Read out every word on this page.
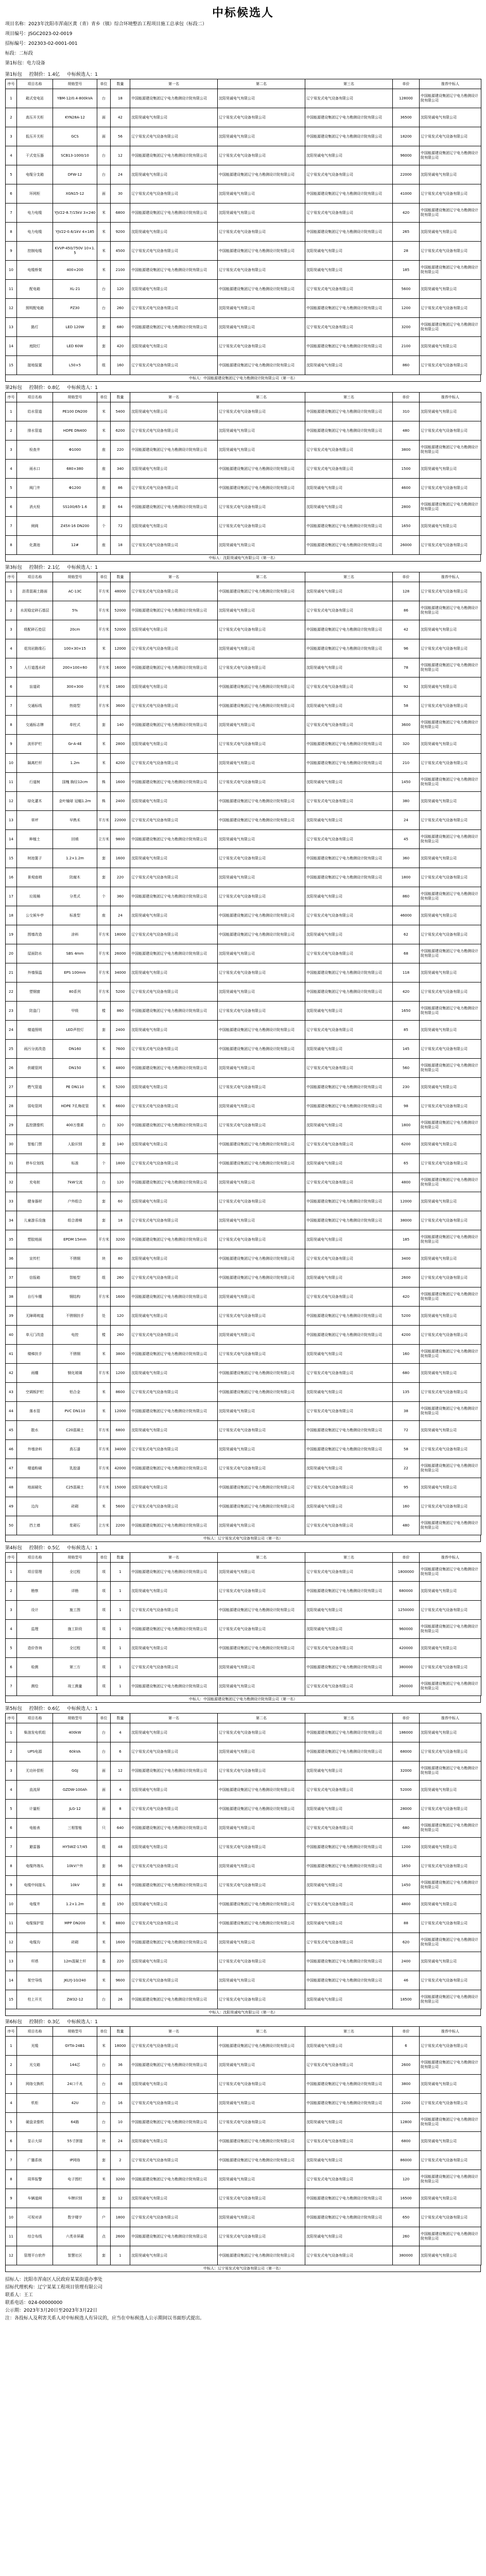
中标候选人
项目名称：2023年沈阳市浑南区黄（青）青乡（镇）综合环境整治工程项目施工总承包（标段二）
项目编号：JSGC2023-02-0019
招标编号：202303-02-0001-001
标段：二标段
第1标包：电力设备
第1标包 控制价：1.4亿 中标候选人：1
序号	项目名称	规格型号	单位	数量	第一名	第二名	第三名	单价	推荐中标人
1	箱式变电站	YBM-12/0.4-800kVA	台	18	中国能源建设集团辽宁电力勘测设计院有限公司	沈阳昊诚电气有限公司	辽宁易发式电气设备有限公司	128000	中国能源建设集团辽宁电力勘测设计院有限公司
2	高压开关柜	KYN28A-12	面	42	沈阳昊诚电气有限公司	辽宁易发式电气设备有限公司	中国能源建设集团辽宁电力勘测设计院有限公司	36500	沈阳昊诚电气有限公司
3	低压开关柜	GCS	面	56	辽宁易发式电气设备有限公司	沈阳昊诚电气有限公司	中国能源建设集团辽宁电力勘测设计院有限公司	18200	辽宁易发式电气设备有限公司
4	干式变压器	SCB13-1000/10	台	12	中国能源建设集团辽宁电力勘测设计院有限公司	辽宁易发式电气设备有限公司	沈阳昊诚电气有限公司	96000	中国能源建设集团辽宁电力勘测设计院有限公司
5	电缆分支箱	DFW-12	台	24	沈阳昊诚电气有限公司	中国能源建设集团辽宁电力勘测设计院有限公司	辽宁易发式电气设备有限公司	22000	沈阳昊诚电气有限公司
6	环网柜	XGN15-12	面	30	辽宁易发式电气设备有限公司	沈阳昊诚电气有限公司	中国能源建设集团辽宁电力勘测设计院有限公司	41000	辽宁易发式电气设备有限公司
7	电力电缆	YJV22-8.7/15kV 3×240	米	6800	中国能源建设集团辽宁电力勘测设计院有限公司	沈阳昊诚电气有限公司	辽宁易发式电气设备有限公司	420	中国能源建设集团辽宁电力勘测设计院有限公司
8	电力电缆	YJV22-0.6/1kV 4×185	米	9200	沈阳昊诚电气有限公司	辽宁易发式电气设备有限公司	中国能源建设集团辽宁电力勘测设计院有限公司	265	沈阳昊诚电气有限公司
9	控制电缆	KVVP-450/750V 10×1.5	米	4500	辽宁易发式电气设备有限公司	中国能源建设集团辽宁电力勘测设计院有限公司	沈阳昊诚电气有限公司	28	辽宁易发式电气设备有限公司
10	电缆桥架	400×200	米	2100	中国能源建设集团辽宁电力勘测设计院有限公司	辽宁易发式电气设备有限公司	沈阳昊诚电气有限公司	185	中国能源建设集团辽宁电力勘测设计院有限公司
11	配电箱	XL-21	台	120	沈阳昊诚电气有限公司	中国能源建设集团辽宁电力勘测设计院有限公司	辽宁易发式电气设备有限公司	5600	沈阳昊诚电气有限公司
12	照明配电箱	PZ30	台	260	辽宁易发式电气设备有限公司	沈阳昊诚电气有限公司	中国能源建设集团辽宁电力勘测设计院有限公司	1200	辽宁易发式电气设备有限公司
13	路灯	LED 120W	套	680	中国能源建设集团辽宁电力勘测设计院有限公司	沈阳昊诚电气有限公司	辽宁易发式电气设备有限公司	3200	中国能源建设集团辽宁电力勘测设计院有限公司
14	庭院灯	LED 60W	套	420	沈阳昊诚电气有限公司	辽宁易发式电气设备有限公司	中国能源建设集团辽宁电力勘测设计院有限公司	2100	沈阳昊诚电气有限公司
15	接地装置	L50×5	组	160	辽宁易发式电气设备有限公司	中国能源建设集团辽宁电力勘测设计院有限公司	沈阳昊诚电气有限公司	860	辽宁易发式电气设备有限公司
中标人：中国能源建设集团辽宁电力勘测设计院有限公司（第一名）
第2标包 控制价：0.8亿 中标候选人：1
序号	项目名称	规格型号	单位	数量	第一名	第二名	第三名	单价	推荐中标人
1	给水管道	PE100 DN200	米	5400	沈阳昊诚电气有限公司	辽宁易发式电气设备有限公司	中国能源建设集团辽宁电力勘测设计院有限公司	310	沈阳昊诚电气有限公司
2	排水管道	HDPE DN400	米	6200	辽宁易发式电气设备有限公司	沈阳昊诚电气有限公司	中国能源建设集团辽宁电力勘测设计院有限公司	480	辽宁易发式电气设备有限公司
3	检查井	Φ1000	座	220	中国能源建设集团辽宁电力勘测设计院有限公司	沈阳昊诚电气有限公司	辽宁易发式电气设备有限公司	3800	中国能源建设集团辽宁电力勘测设计院有限公司
4	雨水口	680×380	座	340	沈阳昊诚电气有限公司	中国能源建设集团辽宁电力勘测设计院有限公司	辽宁易发式电气设备有限公司	1500	沈阳昊诚电气有限公司
5	阀门井	Φ1200	座	86	辽宁易发式电气设备有限公司	中国能源建设集团辽宁电力勘测设计院有限公司	沈阳昊诚电气有限公司	4600	辽宁易发式电气设备有限公司
6	消火栓	SS100/65-1.6	套	64	中国能源建设集团辽宁电力勘测设计院有限公司	辽宁易发式电气设备有限公司	沈阳昊诚电气有限公司	2800	中国能源建设集团辽宁电力勘测设计院有限公司
7	闸阀	Z45X-16 DN200	个	72	沈阳昊诚电气有限公司	辽宁易发式电气设备有限公司	中国能源建设集团辽宁电力勘测设计院有限公司	1650	沈阳昊诚电气有限公司
8	化粪池	12#	座	18	辽宁易发式电气设备有限公司	沈阳昊诚电气有限公司	中国能源建设集团辽宁电力勘测设计院有限公司	26000	辽宁易发式电气设备有限公司
中标人：沈阳昊诚电气有限公司（第一名）
第3标包 控制价：2.1亿 中标候选人：1
序号	项目名称	规格型号	单位	数量	第一名	第二名	第三名	单价	推荐中标人
1	沥青混凝土路面	AC-13C	平方米	48000	辽宁易发式电气设备有限公司	中国能源建设集团辽宁电力勘测设计院有限公司	沈阳昊诚电气有限公司	128	辽宁易发式电气设备有限公司
2	水泥稳定碎石基层	5%	平方米	52000	中国能源建设集团辽宁电力勘测设计院有限公司	沈阳昊诚电气有限公司	辽宁易发式电气设备有限公司	86	中国能源建设集团辽宁电力勘测设计院有限公司
3	级配碎石垫层	20cm	平方米	52000	沈阳昊诚电气有限公司	辽宁易发式电气设备有限公司	中国能源建设集团辽宁电力勘测设计院有限公司	42	沈阳昊诚电气有限公司
4	花岗岩路缘石	100×30×15	米	12000	辽宁易发式电气设备有限公司	沈阳昊诚电气有限公司	中国能源建设集团辽宁电力勘测设计院有限公司	96	辽宁易发式电气设备有限公司
5	人行道透水砖	200×100×60	平方米	16000	中国能源建设集团辽宁电力勘测设计院有限公司	辽宁易发式电气设备有限公司	沈阳昊诚电气有限公司	78	中国能源建设集团辽宁电力勘测设计院有限公司
6	盲道砖	300×300	平方米	1800	沈阳昊诚电气有限公司	中国能源建设集团辽宁电力勘测设计院有限公司	辽宁易发式电气设备有限公司	92	沈阳昊诚电气有限公司
7	交通标线	热熔型	平方米	3600	辽宁易发式电气设备有限公司	中国能源建设集团辽宁电力勘测设计院有限公司	沈阳昊诚电气有限公司	58	辽宁易发式电气设备有限公司
8	交通标志牌	单柱式	套	140	中国能源建设集团辽宁电力勘测设计院有限公司	沈阳昊诚电气有限公司	辽宁易发式电气设备有限公司	3600	中国能源建设集团辽宁电力勘测设计院有限公司
9	波形护栏	Gr-A-4E	米	2800	沈阳昊诚电气有限公司	辽宁易发式电气设备有限公司	中国能源建设集团辽宁电力勘测设计院有限公司	320	沈阳昊诚电气有限公司
10	隔离栏杆	1.2m	米	4200	辽宁易发式电气设备有限公司	沈阳昊诚电气有限公司	中国能源建设集团辽宁电力勘测设计院有限公司	210	辽宁易发式电气设备有限公司
11	行道树	国槐 胸径12cm	株	1600	中国能源建设集团辽宁电力勘测设计院有限公司	辽宁易发式电气设备有限公司	沈阳昊诚电气有限公司	1450	中国能源建设集团辽宁电力勘测设计院有限公司
12	绿化灌木	金叶榆球 冠幅1.2m	株	2400	沈阳昊诚电气有限公司	中国能源建设集团辽宁电力勘测设计院有限公司	辽宁易发式电气设备有限公司	380	沈阳昊诚电气有限公司
13	草坪	早熟禾	平方米	22000	辽宁易发式电气设备有限公司	中国能源建设集团辽宁电力勘测设计院有限公司	沈阳昊诚电气有限公司	24	辽宁易发式电气设备有限公司
14	种植土	回填	立方米	9800	中国能源建设集团辽宁电力勘测设计院有限公司	沈阳昊诚电气有限公司	辽宁易发式电气设备有限公司	45	中国能源建设集团辽宁电力勘测设计院有限公司
15	树池篦子	1.2×1.2m	套	1600	沈阳昊诚电气有限公司	辽宁易发式电气设备有限公司	中国能源建设集团辽宁电力勘测设计院有限公司	360	沈阳昊诚电气有限公司
16	景观座椅	防腐木	套	220	辽宁易发式电气设备有限公司	沈阳昊诚电气有限公司	中国能源建设集团辽宁电力勘测设计院有限公司	1800	辽宁易发式电气设备有限公司
17	垃圾桶	分类式	个	360	中国能源建设集团辽宁电力勘测设计院有限公司	辽宁易发式电气设备有限公司	沈阳昊诚电气有限公司	860	中国能源建设集团辽宁电力勘测设计院有限公司
18	公交候车亭	标准型	座	24	沈阳昊诚电气有限公司	中国能源建设集团辽宁电力勘测设计院有限公司	辽宁易发式电气设备有限公司	46000	沈阳昊诚电气有限公司
19	围墙改造	涂料	平方米	18000	辽宁易发式电气设备有限公司	中国能源建设集团辽宁电力勘测设计院有限公司	沈阳昊诚电气有限公司	62	辽宁易发式电气设备有限公司
20	屋面防水	SBS 4mm	平方米	26000	中国能源建设集团辽宁电力勘测设计院有限公司	沈阳昊诚电气有限公司	辽宁易发式电气设备有限公司	68	中国能源建设集团辽宁电力勘测设计院有限公司
21	外墙保温	EPS 100mm	平方米	34000	沈阳昊诚电气有限公司	辽宁易发式电气设备有限公司	中国能源建设集团辽宁电力勘测设计院有限公司	118	沈阳昊诚电气有限公司
22	塑钢窗	80系列	平方米	5200	辽宁易发式电气设备有限公司	沈阳昊诚电气有限公司	中国能源建设集团辽宁电力勘测设计院有限公司	420	辽宁易发式电气设备有限公司
23	防盗门	甲级	樘	860	中国能源建设集团辽宁电力勘测设计院有限公司	辽宁易发式电气设备有限公司	沈阳昊诚电气有限公司	1650	中国能源建设集团辽宁电力勘测设计院有限公司
24	楼道照明	LED声控灯	套	2400	沈阳昊诚电气有限公司	中国能源建设集团辽宁电力勘测设计院有限公司	辽宁易发式电气设备有限公司	85	沈阳昊诚电气有限公司
25	雨污分流改造	DN160	米	7600	辽宁易发式电气设备有限公司	中国能源建设集团辽宁电力勘测设计院有限公司	沈阳昊诚电气有限公司	145	辽宁易发式电气设备有限公司
26	供暖管网	DN150	米	4800	中国能源建设集团辽宁电力勘测设计院有限公司	沈阳昊诚电气有限公司	辽宁易发式电气设备有限公司	560	中国能源建设集团辽宁电力勘测设计院有限公司
27	燃气管道	PE DN110	米	5200	沈阳昊诚电气有限公司	辽宁易发式电气设备有限公司	中国能源建设集团辽宁电力勘测设计院有限公司	230	沈阳昊诚电气有限公司
28	弱电管网	HDPE 7孔梅花管	米	6600	辽宁易发式电气设备有限公司	沈阳昊诚电气有限公司	中国能源建设集团辽宁电力勘测设计院有限公司	98	辽宁易发式电气设备有限公司
29	监控摄像机	400万像素	台	320	中国能源建设集团辽宁电力勘测设计院有限公司	辽宁易发式电气设备有限公司	沈阳昊诚电气有限公司	1800	中国能源建设集团辽宁电力勘测设计院有限公司
30	智能门禁	人脸识别	套	140	沈阳昊诚电气有限公司	中国能源建设集团辽宁电力勘测设计院有限公司	辽宁易发式电气设备有限公司	6200	沈阳昊诚电气有限公司
31	停车位划线	标准	个	1800	辽宁易发式电气设备有限公司	中国能源建设集团辽宁电力勘测设计院有限公司	沈阳昊诚电气有限公司	65	辽宁易发式电气设备有限公司
32	充电桩	7kW交流	台	120	中国能源建设集团辽宁电力勘测设计院有限公司	沈阳昊诚电气有限公司	辽宁易发式电气设备有限公司	4800	中国能源建设集团辽宁电力勘测设计院有限公司
33	健身器材	户外组合	套	60	沈阳昊诚电气有限公司	辽宁易发式电气设备有限公司	中国能源建设集团辽宁电力勘测设计院有限公司	12000	沈阳昊诚电气有限公司
34	儿童游乐设施	组合滑梯	套	18	辽宁易发式电气设备有限公司	沈阳昊诚电气有限公司	中国能源建设集团辽宁电力勘测设计院有限公司	38000	辽宁易发式电气设备有限公司
35	塑胶地面	EPDM 15mm	平方米	3200	中国能源建设集团辽宁电力勘测设计院有限公司	辽宁易发式电气设备有限公司	沈阳昊诚电气有限公司	185	中国能源建设集团辽宁电力勘测设计院有限公司
36	宣传栏	不锈钢	块	80	沈阳昊诚电气有限公司	中国能源建设集团辽宁电力勘测设计院有限公司	辽宁易发式电气设备有限公司	3400	沈阳昊诚电气有限公司
37	信报箱	智能型	组	260	辽宁易发式电气设备有限公司	中国能源建设集团辽宁电力勘测设计院有限公司	沈阳昊诚电气有限公司	2600	辽宁易发式电气设备有限公司
38	自行车棚	钢结构	平方米	1600	中国能源建设集团辽宁电力勘测设计院有限公司	沈阳昊诚电气有限公司	辽宁易发式电气设备有限公司	420	中国能源建设集团辽宁电力勘测设计院有限公司
39	无障碍坡道	不锈钢扶手	处	120	沈阳昊诚电气有限公司	辽宁易发式电气设备有限公司	中国能源建设集团辽宁电力勘测设计院有限公司	5200	沈阳昊诚电气有限公司
40	单元门改造	电控	樘	260	辽宁易发式电气设备有限公司	沈阳昊诚电气有限公司	中国能源建设集团辽宁电力勘测设计院有限公司	4200	辽宁易发式电气设备有限公司
41	楼梯扶手	不锈钢	米	3800	中国能源建设集团辽宁电力勘测设计院有限公司	辽宁易发式电气设备有限公司	沈阳昊诚电气有限公司	160	中国能源建设集团辽宁电力勘测设计院有限公司
42	雨棚	钢化玻璃	平方米	1200	沈阳昊诚电气有限公司	中国能源建设集团辽宁电力勘测设计院有限公司	辽宁易发式电气设备有限公司	680	沈阳昊诚电气有限公司
43	空调板护栏	铝合金	米	8600	辽宁易发式电气设备有限公司	中国能源建设集团辽宁电力勘测设计院有限公司	沈阳昊诚电气有限公司	135	辽宁易发式电气设备有限公司
44	落水管	PVC DN110	米	12000	中国能源建设集团辽宁电力勘测设计院有限公司	沈阳昊诚电气有限公司	辽宁易发式电气设备有限公司	38	中国能源建设集团辽宁电力勘测设计院有限公司
45	散水	C20混凝土	平方米	6800	沈阳昊诚电气有限公司	辽宁易发式电气设备有限公司	中国能源建设集团辽宁电力勘测设计院有限公司	72	沈阳昊诚电气有限公司
46	外墙涂料	真石漆	平方米	34000	辽宁易发式电气设备有限公司	沈阳昊诚电气有限公司	中国能源建设集团辽宁电力勘测设计院有限公司	58	辽宁易发式电气设备有限公司
47	楼道粉刷	乳胶漆	平方米	42000	中国能源建设集团辽宁电力勘测设计院有限公司	辽宁易发式电气设备有限公司	沈阳昊诚电气有限公司	22	中国能源建设集团辽宁电力勘测设计院有限公司
48	地面硬化	C25混凝土	平方米	15000	沈阳昊诚电气有限公司	中国能源建设集团辽宁电力勘测设计院有限公司	辽宁易发式电气设备有限公司	95	沈阳昊诚电气有限公司
49	边沟	砖砌	米	5600	辽宁易发式电气设备有限公司	中国能源建设集团辽宁电力勘测设计院有限公司	沈阳昊诚电气有限公司	160	辽宁易发式电气设备有限公司
50	挡土墙	浆砌石	立方米	2200	中国能源建设集团辽宁电力勘测设计院有限公司	沈阳昊诚电气有限公司	辽宁易发式电气设备有限公司	480	中国能源建设集团辽宁电力勘测设计院有限公司
中标人：辽宁易发式电气设备有限公司（第一名）
第4标包 控制价：0.5亿 中标候选人：1
序号	项目名称	规格型号	单位	数量	第一名	第二名	第三名	单价	推荐中标人
1	项目管理	全过程	项	1	中国能源建设集团辽宁电力勘测设计院有限公司	沈阳昊诚电气有限公司	辽宁易发式电气设备有限公司	1800000	中国能源建设集团辽宁电力勘测设计院有限公司
2	勘察	详勘	项	1	沈阳昊诚电气有限公司	辽宁易发式电气设备有限公司	中国能源建设集团辽宁电力勘测设计院有限公司	680000	沈阳昊诚电气有限公司
3	设计	施工图	项	1	辽宁易发式电气设备有限公司	中国能源建设集团辽宁电力勘测设计院有限公司	沈阳昊诚电气有限公司	1250000	辽宁易发式电气设备有限公司
4	监理	施工阶段	项	1	中国能源建设集团辽宁电力勘测设计院有限公司	辽宁易发式电气设备有限公司	沈阳昊诚电气有限公司	960000	中国能源建设集团辽宁电力勘测设计院有限公司
5	造价咨询	全过程	项	1	沈阳昊诚电气有限公司	中国能源建设集团辽宁电力勘测设计院有限公司	辽宁易发式电气设备有限公司	420000	沈阳昊诚电气有限公司
6	检测	第三方	项	1	辽宁易发式电气设备有限公司	沈阳昊诚电气有限公司	中国能源建设集团辽宁电力勘测设计院有限公司	380000	辽宁易发式电气设备有限公司
7	测绘	竣工测量	项	1	中国能源建设集团辽宁电力勘测设计院有限公司	沈阳昊诚电气有限公司	辽宁易发式电气设备有限公司	260000	中国能源建设集团辽宁电力勘测设计院有限公司
中标人：中国能源建设集团辽宁电力勘测设计院有限公司（第一名）
第5标包 控制价：0.6亿 中标候选人：1
序号	项目名称	规格型号	单位	数量	第一名	第二名	第三名	单价	推荐中标人
1	柴油发电机组	400kW	台	4	沈阳昊诚电气有限公司	辽宁易发式电气设备有限公司	中国能源建设集团辽宁电力勘测设计院有限公司	186000	沈阳昊诚电气有限公司
2	UPS电源	60kVA	台	6	辽宁易发式电气设备有限公司	沈阳昊诚电气有限公司	中国能源建设集团辽宁电力勘测设计院有限公司	68000	辽宁易发式电气设备有限公司
3	无功补偿柜	GGJ	面	12	中国能源建设集团辽宁电力勘测设计院有限公司	辽宁易发式电气设备有限公司	沈阳昊诚电气有限公司	32000	中国能源建设集团辽宁电力勘测设计院有限公司
4	直流屏	GZDW-100Ah	面	4	沈阳昊诚电气有限公司	中国能源建设集团辽宁电力勘测设计院有限公司	辽宁易发式电气设备有限公司	52000	沈阳昊诚电气有限公司
5	计量柜	JLG-12	面	8	辽宁易发式电气设备有限公司	中国能源建设集团辽宁电力勘测设计院有限公司	沈阳昊诚电气有限公司	28000	辽宁易发式电气设备有限公司
6	电能表	三相智能	只	640	中国能源建设集团辽宁电力勘测设计院有限公司	沈阳昊诚电气有限公司	辽宁易发式电气设备有限公司	680	中国能源建设集团辽宁电力勘测设计院有限公司
7	避雷器	HY5WZ-17/45	组	48	沈阳昊诚电气有限公司	辽宁易发式电气设备有限公司	中国能源建设集团辽宁电力勘测设计院有限公司	1200	沈阳昊诚电气有限公司
8	电缆终端头	10kV户外	套	96	辽宁易发式电气设备有限公司	沈阳昊诚电气有限公司	中国能源建设集团辽宁电力勘测设计院有限公司	1650	辽宁易发式电气设备有限公司
9	电缆中间接头	10kV	套	64	中国能源建设集团辽宁电力勘测设计院有限公司	辽宁易发式电气设备有限公司	沈阳昊诚电气有限公司	1450	中国能源建设集团辽宁电力勘测设计院有限公司
10	电缆井	1.2×1.2m	座	150	沈阳昊诚电气有限公司	中国能源建设集团辽宁电力勘测设计院有限公司	辽宁易发式电气设备有限公司	4800	沈阳昊诚电气有限公司
11	电缆保护管	MPP DN200	米	8800	辽宁易发式电气设备有限公司	中国能源建设集团辽宁电力勘测设计院有限公司	沈阳昊诚电气有限公司	88	辽宁易发式电气设备有限公司
12	电缆沟	砖砌	米	1600	中国能源建设集团辽宁电力勘测设计院有限公司	沈阳昊诚电气有限公司	辽宁易发式电气设备有限公司	620	中国能源建设集团辽宁电力勘测设计院有限公司
13	杆塔	12m混凝土杆	基	220	沈阳昊诚电气有限公司	辽宁易发式电气设备有限公司	中国能源建设集团辽宁电力勘测设计院有限公司	2400	沈阳昊诚电气有限公司
14	架空导线	JKLYJ-10/240	米	9600	辽宁易发式电气设备有限公司	沈阳昊诚电气有限公司	中国能源建设集团辽宁电力勘测设计院有限公司	46	辽宁易发式电气设备有限公司
15	柱上开关	ZW32-12	台	26	中国能源建设集团辽宁电力勘测设计院有限公司	辽宁易发式电气设备有限公司	沈阳昊诚电气有限公司	18500	中国能源建设集团辽宁电力勘测设计院有限公司
中标人：沈阳昊诚电气有限公司（第一名）
第6标包 控制价：0.3亿 中标候选人：1
序号	项目名称	规格型号	单位	数量	第一名	第二名	第三名	单价	推荐中标人
1	光缆	GYTA-24B1	米	18000	辽宁易发式电气设备有限公司	中国能源建设集团辽宁电力勘测设计院有限公司	沈阳昊诚电气有限公司	6	辽宁易发式电气设备有限公司
2	光交箱	144芯	台	36	中国能源建设集团辽宁电力勘测设计院有限公司	沈阳昊诚电气有限公司	辽宁易发式电气设备有限公司	2600	中国能源建设集团辽宁电力勘测设计院有限公司
3	网络交换机	24口千兆	台	48	沈阳昊诚电气有限公司	辽宁易发式电气设备有限公司	中国能源建设集团辽宁电力勘测设计院有限公司	3800	沈阳昊诚电气有限公司
4	机柜	42U	台	16	辽宁易发式电气设备有限公司	沈阳昊诚电气有限公司	中国能源建设集团辽宁电力勘测设计院有限公司	2200	辽宁易发式电气设备有限公司
5	硬盘录像机	64路	台	10	中国能源建设集团辽宁电力勘测设计院有限公司	辽宁易发式电气设备有限公司	沈阳昊诚电气有限公司	12800	中国能源建设集团辽宁电力勘测设计院有限公司
6	显示大屏	55寸拼接	块	24	沈阳昊诚电气有限公司	中国能源建设集团辽宁电力勘测设计院有限公司	辽宁易发式电气设备有限公司	6800	沈阳昊诚电气有限公司
7	广播系统	IP网络	套	2	辽宁易发式电气设备有限公司	中国能源建设集团辽宁电力勘测设计院有限公司	沈阳昊诚电气有限公司	86000	辽宁易发式电气设备有限公司
8	周界报警	电子围栏	米	3200	中国能源建设集团辽宁电力勘测设计院有限公司	沈阳昊诚电气有限公司	辽宁易发式电气设备有限公司	120	中国能源建设集团辽宁电力勘测设计院有限公司
9	车辆道闸	车牌识别	套	12	沈阳昊诚电气有限公司	辽宁易发式电气设备有限公司	中国能源建设集团辽宁电力勘测设计院有限公司	16500	沈阳昊诚电气有限公司
10	可视对讲	数字楼宇	户	1800	辽宁易发式电气设备有限公司	沈阳昊诚电气有限公司	中国能源建设集团辽宁电力勘测设计院有限公司	650	辽宁易发式电气设备有限公司
11	综合布线	六类非屏蔽	点	2600	中国能源建设集团辽宁电力勘测设计院有限公司	辽宁易发式电气设备有限公司	沈阳昊诚电气有限公司	260	中国能源建设集团辽宁电力勘测设计院有限公司
12	管理平台软件	智慧社区	套	1	沈阳昊诚电气有限公司	中国能源建设集团辽宁电力勘测设计院有限公司	辽宁易发式电气设备有限公司	380000	沈阳昊诚电气有限公司
中标人：辽宁易发式电气设备有限公司（第一名）
招标人：沈阳市浑南区人民政府某某街道办事处
招标代理机构：辽宁某某工程项目管理有限公司
联系人：王工
联系电话：024-00000000
公示期：2023年3月20日至2023年3月22日
注：各投标人及利害关系人对中标候选人有异议的，应当在中标候选人公示期间以书面形式提出。
